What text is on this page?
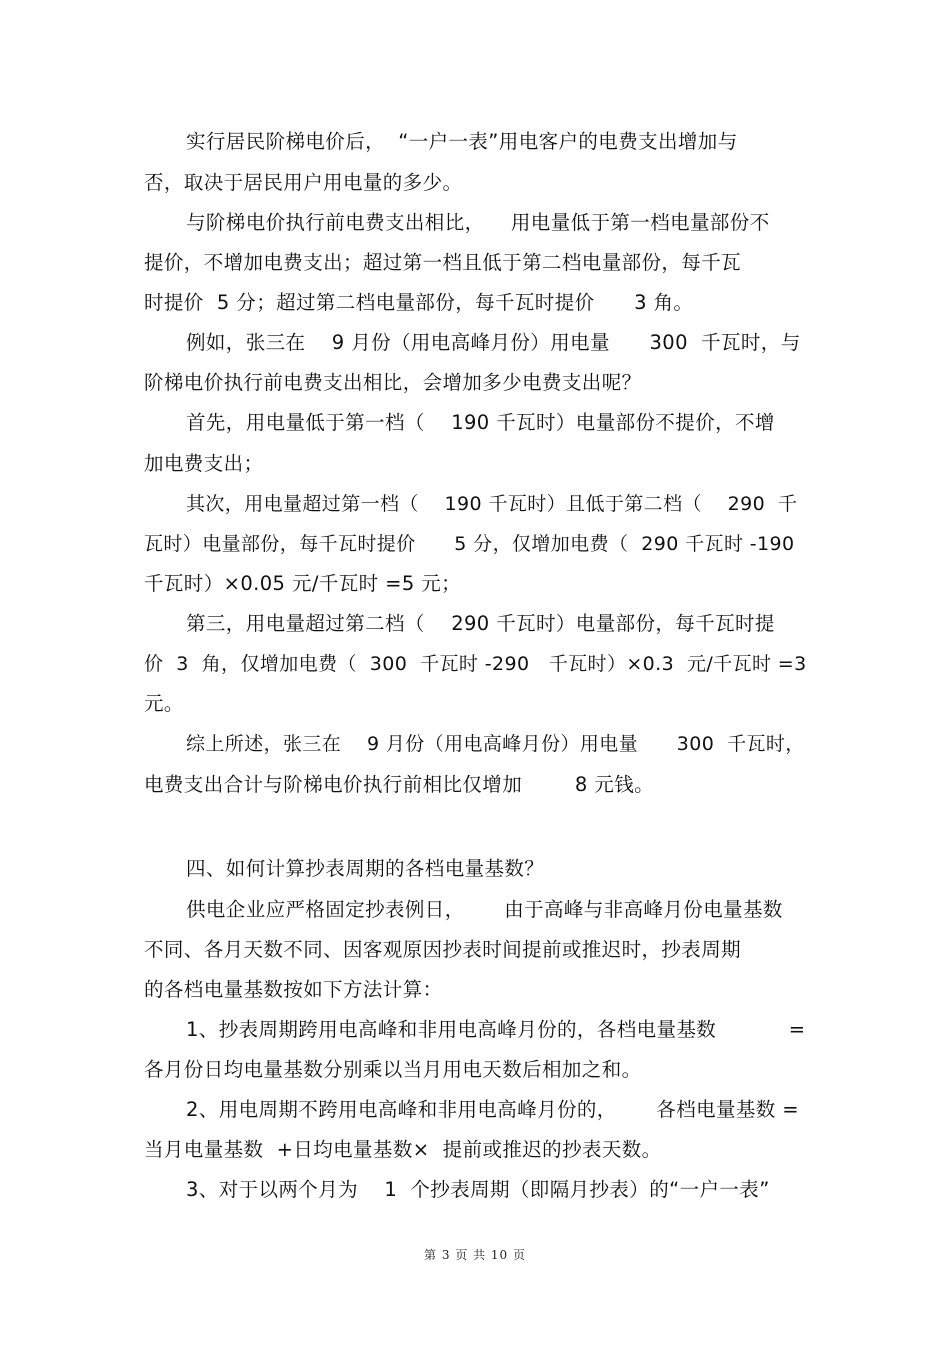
实行居民阶梯电价后，  “一户一表”用电客户的电费支出增加与
否，取决于居民用户用电量的多少。
与阶梯电价执行前电费支出相比，    用电量低于第一档电量部份不
提价，不增加电费支出；超过第一档且低于第二档电量部份，每千瓦
时提价  5 分；超过第二档电量部份，每千瓦时提价      3 角。
例如，张三在    9 月份（用电高峰月份）用电量      300  千瓦时，与
阶梯电价执行前电费支出相比，会增加多少电费支出呢？
首先，用电量低于第一档（    190 千瓦时）电量部份不提价，不增
加电费支出；
其次，用电量超过第一档（    190 千瓦时）且低于第二档（    290  千
瓦时）电量部份，每千瓦时提价      5 分，仅增加电费（  290 千瓦时 -190
千瓦时）×0.05 元/千瓦时 =5 元；
第三，用电量超过第二档（    290 千瓦时）电量部份，每千瓦时提
价  3  角，仅增加电费（  300  千瓦时 -290   千瓦时）×0.3  元/千瓦时 =3
元。
综上所述，张三在    9 月份（用电高峰月份）用电量      300  千瓦时，
电费支出合计与阶梯电价执行前相比仅增加        8 元钱。
四、如何计算抄表周期的各档电量基数？
供电企业应严格固定抄表例日，      由于高峰与非高峰月份电量基数
不同、各月天数不同、因客观原因抄表时间提前或推迟时，抄表周期
的各档电量基数按如下方法计算：
1、抄表周期跨用电高峰和非用电高峰月份的，各档电量基数           =
各月份日均电量基数分别乘以当月用电天数后相加之和。
2、用电周期不跨用电高峰和非用电高峰月份的，      各档电量基数 =
当月电量基数  +日均电量基数×  提前或推迟的抄表天数。
3、对于以两个月为    1  个抄表周期（即隔月抄表）的“一户一表”
第 3 页 共 10 页
